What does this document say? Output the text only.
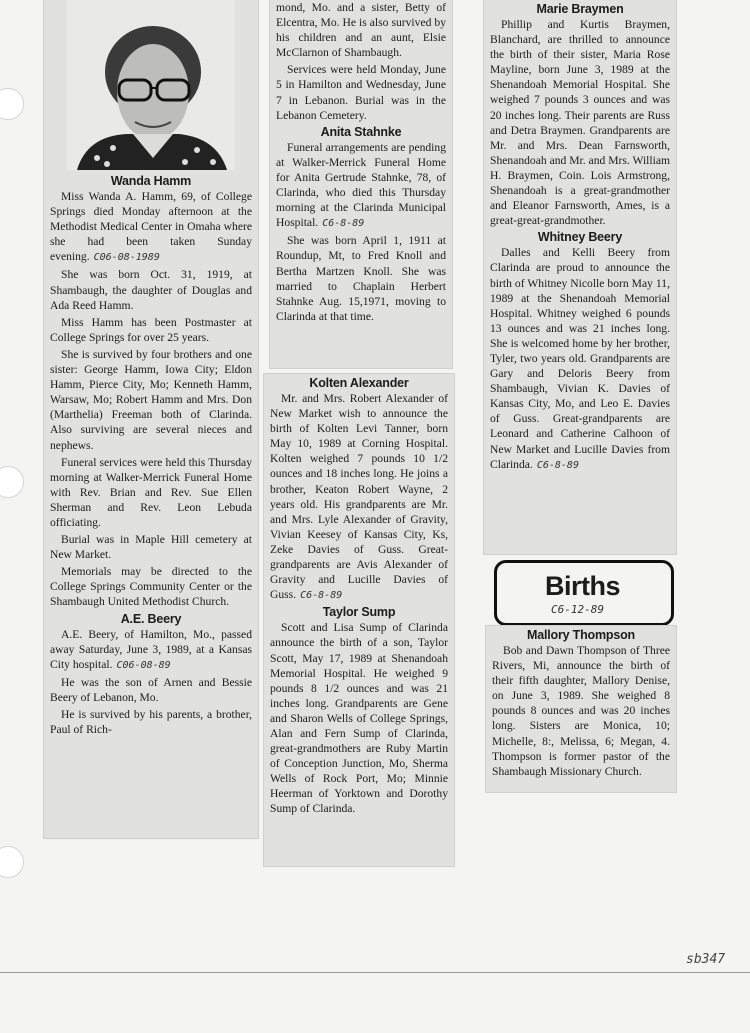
Wanda Hamm

Miss Wanda A. Hamm, 69, of College Springs died Monday afternoon at the Methodist Medical Center in Omaha where she had been taken Sunday evening. C06-08-1989

She was born Oct. 31, 1919, at Shambaugh, the daughter of Douglas and Ada Reed Hamm.

Miss Hamm has been Postmaster at College Springs for over 25 years.

She is survived by four brothers and one sister: George Hamm, Iowa City; Eldon Hamm, Pierce City, Mo; Kenneth Hamm, Warsaw, Mo; Robert Hamm and Mrs. Don (Marthelia) Freeman both of Clarinda. Also surviving are several nieces and nephews.

Funeral services were held this Thursday morning at Walker-Merrick Funeral Home with Rev. Brian and Rev. Sue Ellen Sherman and Rev. Leon Lebuda officiating.

Burial was in Maple Hill cemetery at New Market.

Memorials may be directed to the College Springs Community Center or the Shambaugh United Methodist Church.

A.E. Beery

A.E. Beery, of Hamilton, Mo., passed away Saturday, June 3, 1989, at a Kansas City hospital. C06-08-89

He was the son of Arnen and Bessie Beery of Lebanon, Mo.

He is survived by his parents, a brother, Paul of Rich-

mond, Mo. and a sister, Betty of Elcentra, Mo. He is also survived by his children and an aunt, Elsie McClarnon of Shambaugh.

Services were held Monday, June 5 in Hamilton and Wednesday, June 7 in Lebanon. Burial was in the Lebanon Cemetery.

Anita Stahnke

Funeral arrangements are pending at Walker-Merrick Funeral Home for Anita Gertrude Stahnke, 78, of Clarinda, who died this Thursday morning at the Clarinda Municipal Hospital. C6-8-89

She was born April 1, 1911 at Roundup, Mt, to Fred Knoll and Bertha Martzen Knoll. She was married to Chaplain Herbert Stahnke Aug. 15,1971, moving to Clarinda at that time.

Kolten Alexander

Mr. and Mrs. Robert Alexander of New Market wish to announce the birth of Kolten Levi Tanner, born May 10, 1989 at Corning Hospital. Kolten weighed 7 pounds 10 1/2 ounces and 18 inches long. He joins a brother, Keaton Robert Wayne, 2 years old. His grandparents are Mr. and Mrs. Lyle Alexander of Gravity, Vivian Keesey of Kansas City, Ks, Zeke Davies of Guss. Great-grandparents are Avis Alexander of Gravity and Lucille Davies of Guss. C6-8-89

Taylor Sump

Scott and Lisa Sump of Clarinda announce the birth of a son, Taylor Scott, May 17, 1989 at Shenandoah Memorial Hospital. He weighed 9 pounds 8 1/2 ounces and was 21 inches long. Grandparents are Gene and Sharon Wells of College Springs, Alan and Fern Sump of Clarinda, great-grandmothers are Ruby Martin of Conception Junction, Mo, Sherma Wells of Rock Port, Mo; Minnie Heerman of Yorktown and Dorothy Sump of Clarinda.

Marie Braymen

Phillip and Kurtis Braymen, Blanchard, are thrilled to announce the birth of their sister, Maria Rose Mayline, born June 3, 1989 at the Shenandoah Memorial Hospital. She weighed 7 pounds 3 ounces and was 20 inches long. Their parents are Russ and Detra Braymen. Grandparents are Mr. and Mrs. Dean Farnsworth, Shenandoah and Mr. and Mrs. William H. Braymen, Coin. Lois Armstrong, Shenandoah is a great-grandmother and Eleanor Farnsworth, Ames, is a great-great-grandmother.

Whitney Beery

Dalles and Kelli Beery from Clarinda are proud to announce the birth of Whitney Nicolle born May 11, 1989 at the Shenandoah Memorial Hospital. Whitney weighed 6 pounds 13 ounces and was 21 inches long. She is welcomed home by her brother, Tyler, two years old. Grandparents are Gary and Deloris Beery from Shambaugh, Vivian K. Davies of Kansas City, Mo, and Leo E. Davies of Guss. Great-grandparents are Leonard and Catherine Calhoon of New Market and Lucille Davies from Clarinda. C6-8-89

Births
C6-12-89
Mallory Thompson

Bob and Dawn Thompson of Three Rivers, Mi, announce the birth of their fifth daughter, Mallory Denise, on June 3, 1989. She weighed 8 pounds 8 ounces and was 20 inches long. Sisters are Monica, 10; Michelle, 8:, Melissa, 6; Megan, 4. Thompson is former pastor of the Shambaugh Missionary Church.

sb347
